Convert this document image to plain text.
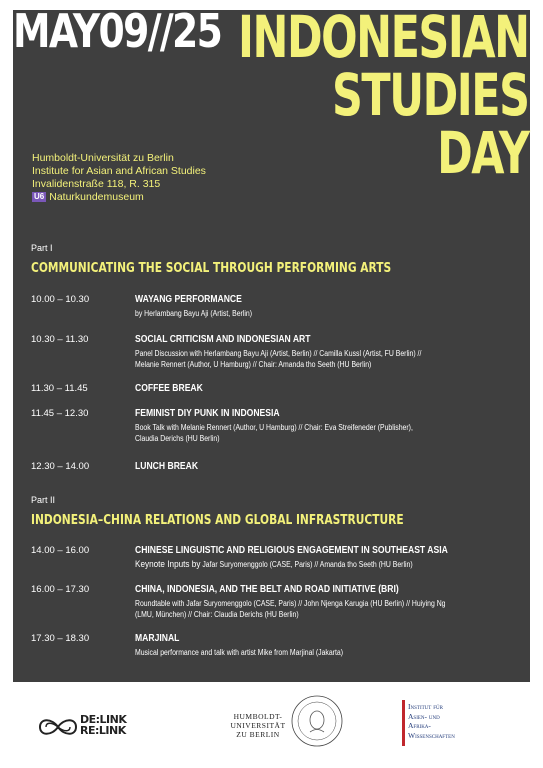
MAY09//25 INDONESIAN
STUDIES
DAY
Humboldt-Universität zu Berlin
Institute for Asian and African Studies
Invalidenstraße 118, R. 315
U6 Naturkundemuseum
Part I
COMMUNICATING THE SOCIAL THROUGH PERFORMING ARTS
10.00 – 10.30	WAYANG PERFORMANCE
by Herlambang Bayu Aji (Artist, Berlin)
10.30 – 11.30	SOCIAL CRITICISM AND INDONESIAN ART
Panel Discussion with Herlambang Bayu Aji (Artist, Berlin) // Camilla Kussl (Artist, FU Berlin) //
Melanie Rennert (Author, U Hamburg) // Chair: Amanda tho Seeth (HU Berlin)
11.30 – 11.45	COFFEE BREAK
11.45 – 12.30	FEMINIST DIY PUNK IN INDONESIA
Book Talk with Melanie Rennert (Author, U Hamburg) // Chair: Eva Streifeneder (Publisher),
Claudia Derichs (HU Berlin)
12.30 – 14.00	LUNCH BREAK
Part II
INDONESIA–CHINA RELATIONS AND GLOBAL INFRASTRUCTURE
14.00 – 16.00	CHINESE LINGUISTIC AND RELIGIOUS ENGAGEMENT IN SOUTHEAST ASIA
Keynote Inputs by Jafar Suryomenggolo (CASE, Paris) // Amanda tho Seeth (HU Berlin)
16.00 – 17.30	CHINA, INDONESIA, AND THE BELT AND ROAD INITIATIVE (BRI)
Roundtable with Jafar Suryomenggolo (CASE, Paris) // John Njenga Karugia (HU Berlin) // Huiying Ng
(LMU, München) // Chair: Claudia Derichs (HU Berlin)
17.30 – 18.30	MARJINAL
Musical performance and talk with artist Mike from Marjinal (Jakarta)
DE:LINK
RE:LINK
HUMBOLDT-
UNIVERSITÄT
ZU BERLIN
Institut für
Asien- und
Afrika-
Wissenschaften
